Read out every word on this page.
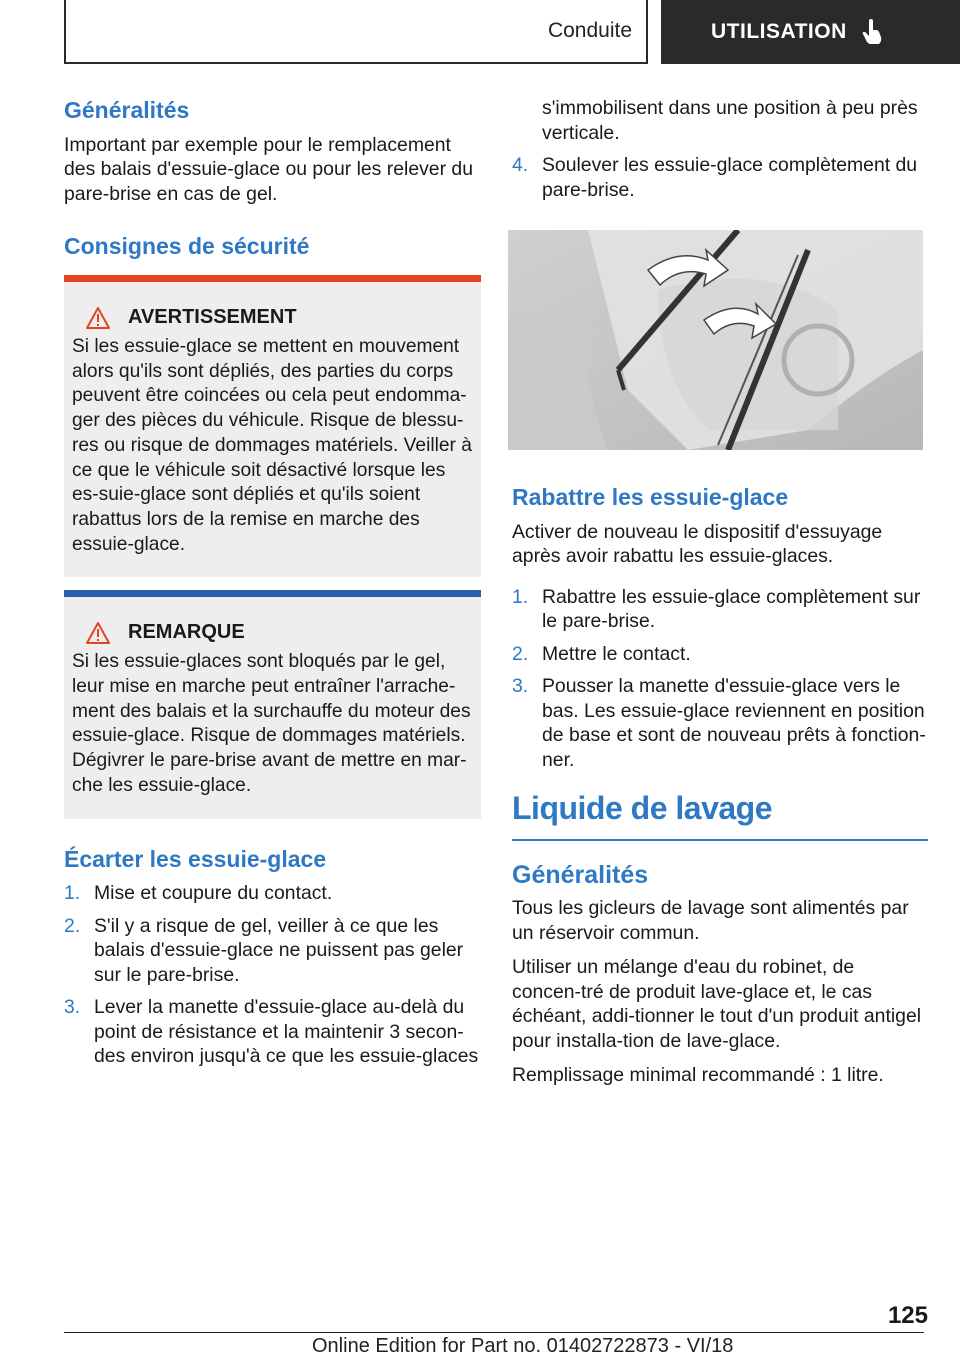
Conduite	UTILISATION
Généralités

Important par exemple pour le remplacement des balais d'essuie-glace ou pour les relever du pare-brise en cas de gel.

Consignes de sécurité
AVERTISSEMENT

Si les essuie-glace se mettent en mouvement alors qu'ils sont dépliés, des parties du corps peuvent être coincées ou cela peut endomma-ger des pièces du véhicule. Risque de blessu-res ou risque de dommages matériels. Veiller à ce que le véhicule soit désactivé lorsque les es-suie-glace sont dépliés et qu'ils soient rabattus lors de la remise en marche des essuie-glace.

REMARQUE

Si les essuie-glaces sont bloqués par le gel, leur mise en marche peut entraîner l'arrache-ment des balais et la surchauffe du moteur des essuie-glace. Risque de dommages matériels. Dégivrer le pare-brise avant de mettre en mar-che les essuie-glace.

Écarter les essuie-glace
1. Mise et coupure du contact.
2. S'il y a risque de gel, veiller à ce que les balais d'essuie-glace ne puissent pas geler sur le pare-brise.
3. Lever la manette d'essuie-glace au-delà du point de résistance et la maintenir 3 secon-des environ jusqu'à ce que les essuie-glaces
s'immobilisent dans une position à peu près verticale.
4. Soulever les essuie-glace complètement du pare-brise.
Rabattre les essuie-glace

Activer de nouveau le dispositif d'essuyage après avoir rabattu les essuie-glaces.

1. Rabattre les essuie-glace complètement sur le pare-brise.
2. Mettre le contact.
3. Pousser la manette d'essuie-glace vers le bas. Les essuie-glace reviennent en position de base et sont de nouveau prêts à fonction-ner.
Liquide de lavage
Généralités

Tous les gicleurs de lavage sont alimentés par un réservoir commun.

Utiliser un mélange d'eau du robinet, de concen-tré de produit lave-glace et, le cas échéant, addi-tionner le tout d'un produit antigel pour installa-tion de lave-glace.

Remplissage minimal recommandé : 1 litre.

125
Online Edition for Part no. 01402722873 - VI/18
